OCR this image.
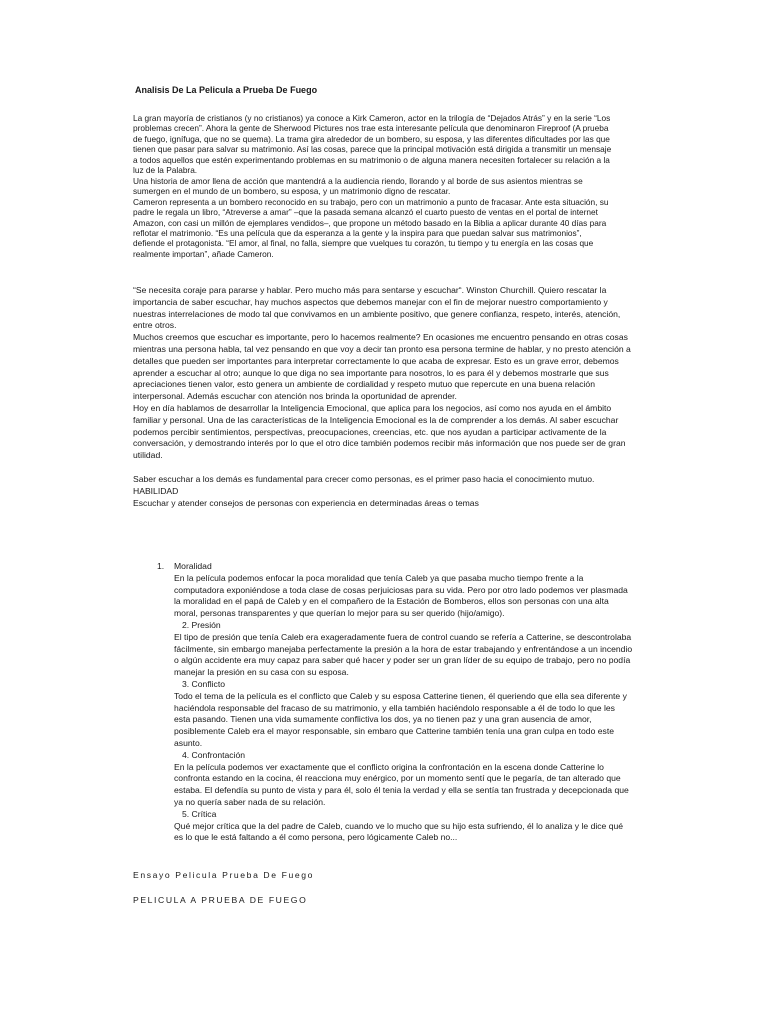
Analisis De La Pelicula a Prueba De Fuego

La gran mayoría de cristianos (y no cristianos) ya conoce a Kirk Cameron, actor en la trilogía de “Dejados Atrás” y en la serie “Los problemas crecen”. Ahora la gente de Sherwood Pictures nos trae esta interesante película que denominaron Fireproof (A prueba de fuego, ignífuga, que no se quema). La trama gira alrededor de un bombero, su esposa, y las diferentes dificultades por las que tienen que pasar para salvar su matrimonio. Así las cosas, parece que la principal motivación está dirigida a transmitir un mensaje a todos aquellos que estén experimentando problemas en su matrimonio o de alguna manera necesiten fortalecer su relación a la luz de la Palabra.

Una historia de amor llena de acción que mantendrá a la audiencia riendo, llorando y al borde de sus asientos mientras se sumergen en el mundo de un bombero, su esposa, y un matrimonio digno de rescatar.

Cameron representa a un bombero reconocido en su trabajo, pero con un matrimonio a punto de fracasar. Ante esta situación, su padre le regala un libro, “Atreverse a amar” –que la pasada semana alcanzó el cuarto puesto de ventas en el portal de internet Amazon, con casi un millón de ejemplares vendidos–, que propone un método basado en la Biblia a aplicar durante 40 días para reflotar el matrimonio. “Es una película que da esperanza a la gente y la inspira para que puedan salvar sus matrimonios”, defiende el protagonista. “El amor, al final, no falla, siempre que vuelques tu corazón, tu tiempo y tu energía en las cosas que realmente importan”, añade Cameron.

“Se necesita coraje para pararse y hablar. Pero mucho más para sentarse y escuchar“. Winston Churchill. Quiero rescatar la importancia de saber escuchar, hay muchos aspectos que debemos manejar con el fin de mejorar nuestro comportamiento y nuestras interrelaciones de modo tal que convivamos en un ambiente positivo, que genere confianza, respeto, interés, atención, entre otros.

Muchos creemos que escuchar es importante, pero lo hacemos realmente? En ocasiones me encuentro pensando en otras cosas mientras una persona habla, tal vez pensando en que voy a decir tan pronto esa persona termine de hablar, y no presto atención a detalles que pueden ser importantes para interpretar correctamente lo que acaba de expresar. Esto es un grave error, debemos aprender a escuchar al otro; aunque lo que diga no sea importante para nosotros, lo es para él y debemos mostrarle que sus apreciaciones tienen valor, esto genera un ambiente de cordialidad y respeto mutuo que repercute en una buena relación interpersonal. Además escuchar con atención nos brinda la oportunidad de aprender.

Hoy en día hablamos de desarrollar la Inteligencia Emocional, que aplica para los negocios, así como nos ayuda en el ámbito familiar y personal. Una de las características de la Inteligencia Emocional es la de comprender a los demás. Al saber escuchar podemos percibir sentimientos, perspectivas, preocupaciones, creencias, etc. que nos ayudan a participar activamente de la conversación, y demostrando interés por lo que el otro dice también podemos recibir más información que nos puede ser de gran utilidad.

Saber escuchar a los demás es fundamental para crecer como personas, es el primer paso hacia el conocimiento mutuo.

HABILIDAD

Escuchar y atender consejos de personas con experiencia en determinadas áreas o temas

1. Moralidad

En la película podemos enfocar la poca moralidad que tenía Caleb ya que pasaba mucho tiempo frente a la computadora exponiéndose a toda clase de cosas perjuiciosas para su vida. Pero por otro lado podemos ver plasmada la moralidad en el papá de Caleb y en el compañero de la Estación de Bomberos, ellos son personas con una alta moral, personas transparentes y que querían lo mejor para su ser querido (hijo/amigo).

2. Presión

El tipo de presión que tenía Caleb era exageradamente fuera de control cuando se refería a Catterine, se descontrolaba fácilmente, sin embargo manejaba perfectamente la presión a la hora de estar trabajando y enfrentándose a un incendio o algún accidente era muy capaz para saber qué hacer y poder ser un gran líder de su equipo de trabajo, pero no podía manejar la presión en su casa con su esposa.

3. Conflicto

Todo el tema de la película es el conflicto que Caleb y su esposa Catterine tienen, él queriendo que ella sea diferente y haciéndola responsable del fracaso de su matrimonio, y ella también haciéndolo responsable a él de todo lo que les esta pasando. Tienen una vida sumamente conflictiva los dos, ya no tienen paz y una gran ausencia de amor, posiblemente Caleb era el mayor responsable, sin embaro que Catterine también tenía una gran culpa en todo este asunto.

4. Confrontación

En la película podemos ver exactamente que el conflicto origina la confrontación en la escena donde Catterine lo confronta estando en la cocina, él reacciona muy enérgico, por un momento sentí que le pegaría, de tan alterado que estaba. El defendía su punto de vista y para él, solo él tenia la verdad y ella se sentía tan frustrada y decepcionada que ya no quería saber nada de su relación.

5. Crítica

Qué mejor crítica que la del padre de Caleb, cuando ve lo mucho que su hijo esta sufriendo, él lo analiza y le dice qué es lo que le está faltando a él como persona, pero lógicamente Caleb no...

Ensayo Pelicula Prueba De Fuego
PELICULA A PRUEBA DE FUEGO
